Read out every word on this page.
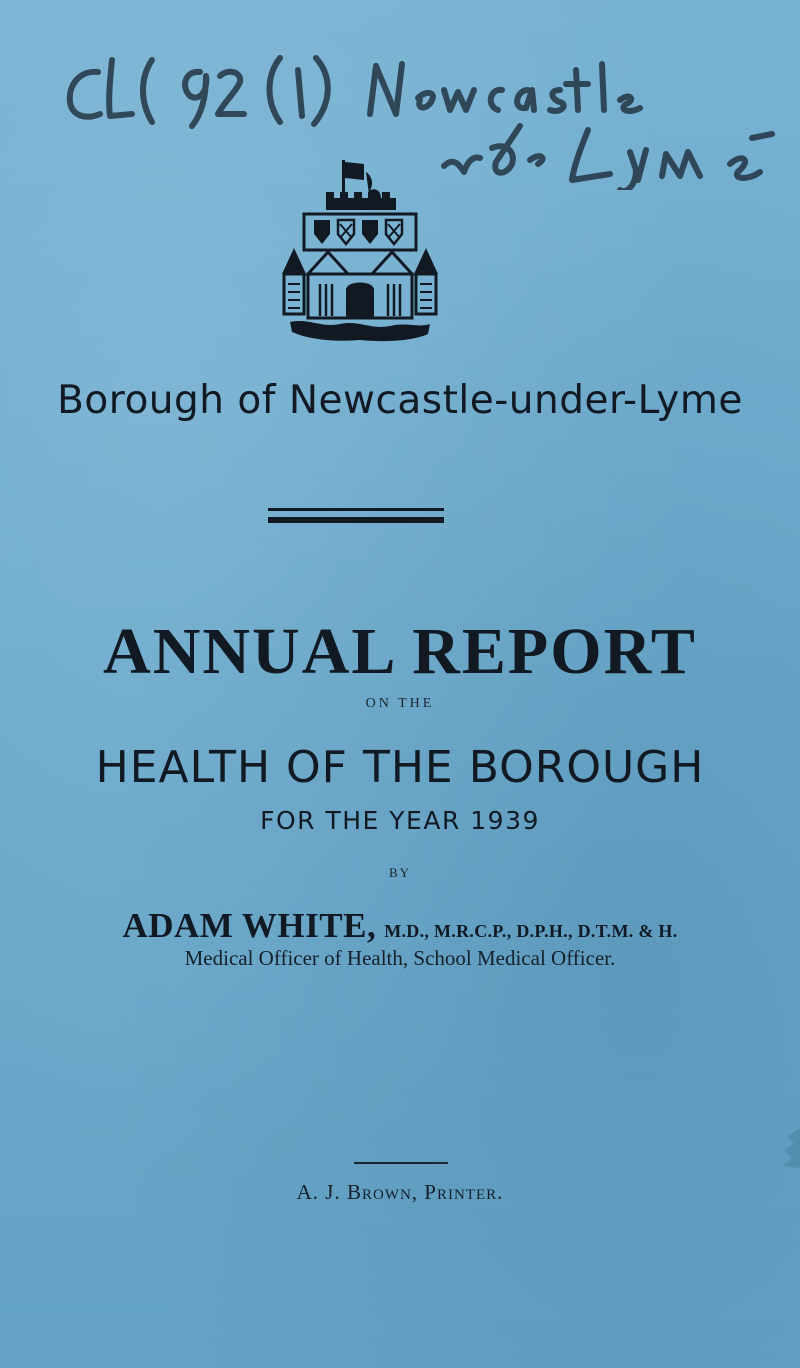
Borough of Newcastle-under-Lyme
ANNUAL REPORT
ON THE
HEALTH OF THE BOROUGH
FOR THE YEAR 1939
BY
ADAM WHITE, M.D., M.R.C.P., D.P.H., D.T.M. & H.
Medical Officer of Health, School Medical Officer.
A. J. Brown, Printer.
